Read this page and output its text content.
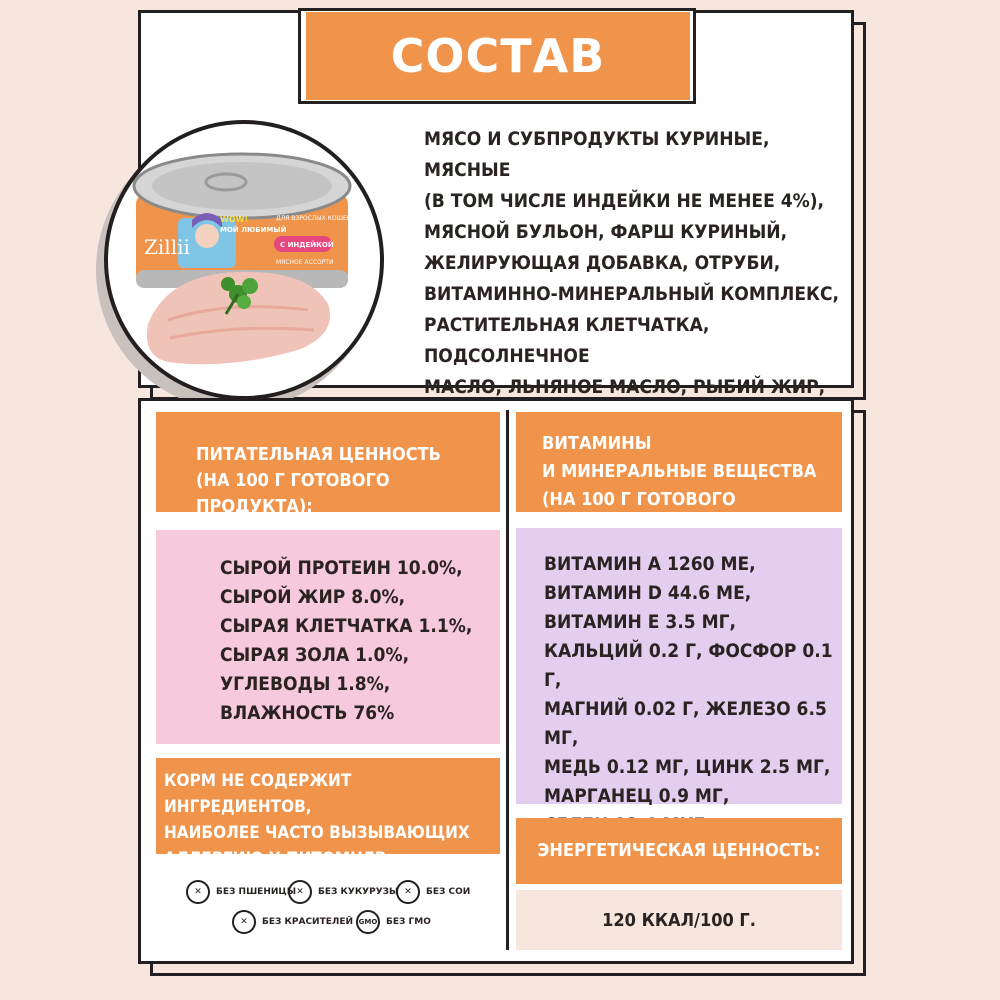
СОСТАВ
МЯСО И СУБПРОДУКТЫ КУРИНЫЕ, МЯСНЫЕ
(В ТОМ ЧИСЛЕ ИНДЕЙКИ НЕ МЕНЕЕ 4%),
МЯСНОЙ БУЛЬОН, ФАРШ КУРИНЫЙ,
ЖЕЛИРУЮЩАЯ ДОБАВКА, ОТРУБИ,
ВИТАМИННО-МИНЕРАЛЬНЫЙ КОМПЛЕКС,
РАСТИТЕЛЬНАЯ КЛЕТЧАТКА, ПОДСОЛНЕЧНОЕ
МАСЛО, ЛЬНЯНОЕ МАСЛО, РЫБИЙ ЖИР,
Zillii
WOW!
МОЙ ЛЮБИМЫЙ
ДЛЯ ВЗРОСЛЫХ КОШЕК
С ИНДЕЙКОЙ
МЯСНОЕ АССОРТИ
ПИТАТЕЛЬНАЯ ЦЕННОСТЬ
(НА 100 Г ГОТОВОГО ПРОДУКТА):
СЫРОЙ ПРОТЕИН 10.0%,
СЫРОЙ ЖИР 8.0%,
СЫРАЯ КЛЕТЧАТКА 1.1%,
СЫРАЯ ЗОЛА 1.0%,
УГЛЕВОДЫ 1.8%,
ВЛАЖНОСТЬ 76%
КОРМ НЕ СОДЕРЖИТ ИНГРЕДИЕНТОВ,
НАИБОЛЕЕ ЧАСТО ВЫЗЫВАЮЩИХ
АЛЛЕРГИЮ У ПИТОМЦЕВ
✕	БЕЗ ПШЕНИЦЫ ✕	БЕЗ КУКУРУЗЫ ✕	БЕЗ СОИ
✕	БЕЗ КРАСИТЕЛЕЙ GMO БЕЗ ГМО
ВИТАМИНЫ
И МИНЕРАЛЬНЫЕ ВЕЩЕСТВА
(НА 100 Г ГОТОВОГО
ВИТАМИН А 1260 МЕ,
ВИТАМИН D 44.6 МЕ,
ВИТАМИН Е 3.5 МГ,
КАЛЬЦИЙ 0.2 Г, ФОСФОР 0.1 Г,
МАГНИЙ 0.02 Г, ЖЕЛЕЗО 6.5 МГ,
МЕДЬ 0.12 МГ, ЦИНК 2.5 МГ,
МАРГАНЕЦ 0.9 МГ,
ЭНЕРГЕТИЧЕСКАЯ ЦЕННОСТЬ:
120 ККАЛ/100 Г.
